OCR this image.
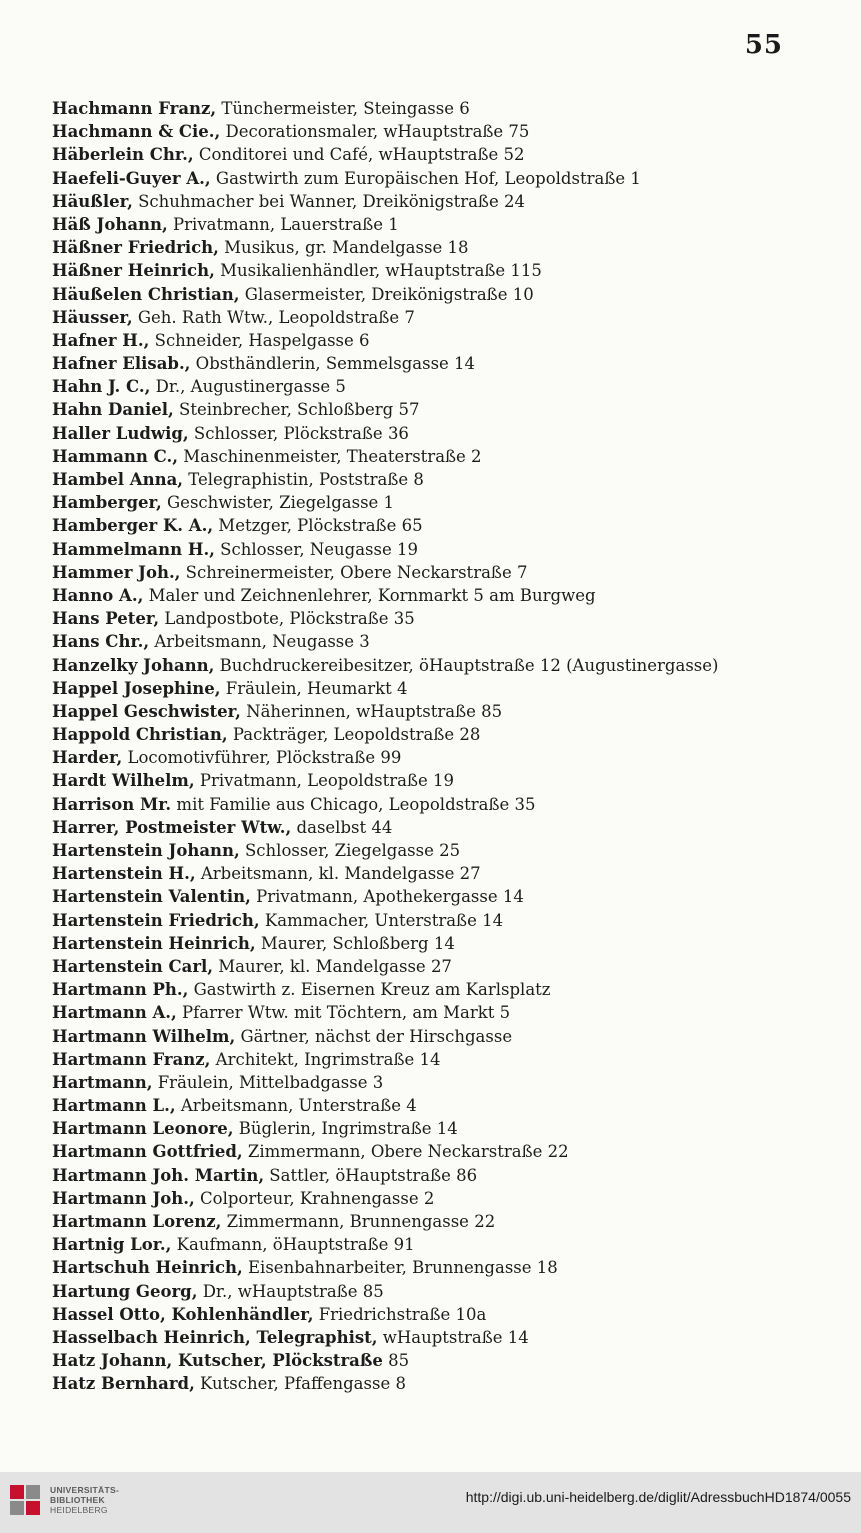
55
Hachmann Franz, Tünchermeister, Steingasse 6
Hachmann & Cie., Decorationsmaler, wHauptstraße 75
Häberlein Chr., Conditorei und Café, wHauptstraße 52
Haefeli-Guyer A., Gastwirth zum Europäischen Hof, Leopoldstraße 1
Häußler, Schuhmacher bei Wanner, Dreikönigstraße 24
Häß Johann, Privatmann, Lauerstraße 1
Häßner Friedrich, Musikus, gr. Mandelgasse 18
Häßner Heinrich, Musikalienhändler, wHauptstraße 115
Häußelen Christian, Glasermeister, Dreikönigstraße 10
Häusser, Geh. Rath Wtw., Leopoldstraße 7
Hafner H., Schneider, Haspelgasse 6
Hafner Elisab., Obsthändlerin, Semmelsgasse 14
Hahn J. C., Dr., Augustinergasse 5
Hahn Daniel, Steinbrecher, Schloßberg 57
Haller Ludwig, Schlosser, Plöckstraße 36
Hammann C., Maschinenmeister, Theaterstraße 2
Hambel Anna, Telegraphistin, Poststraße 8
Hamberger, Geschwister, Ziegelgasse 1
Hamberger K. A., Metzger, Plöckstraße 65
Hammelmann H., Schlosser, Neugasse 19
Hammer Joh., Schreinermeister, Obere Neckarstraße 7
Hanno A., Maler und Zeichnenlehrer, Kornmarkt 5 am Burgweg
Hans Peter, Landpostbote, Plöckstraße 35
Hans Chr., Arbeitsmann, Neugasse 3
Hanzelky Johann, Buchdruckereibesitzer, öHauptstraße 12 (Augustinergasse)
Happel Josephine, Fräulein, Heumarkt 4
Happel Geschwister, Näherinnen, wHauptstraße 85
Happold Christian, Packträger, Leopoldstraße 28
Harder, Locomotivführer, Plöckstraße 99
Hardt Wilhelm, Privatmann, Leopoldstraße 19
Harrison Mr. mit Familie aus Chicago, Leopoldstraße 35
Harrer, Postmeister Wtw., daselbst 44
Hartenstein Johann, Schlosser, Ziegelgasse 25
Hartenstein H., Arbeitsmann, kl. Mandelgasse 27
Hartenstein Valentin, Privatmann, Apothekergasse 14
Hartenstein Friedrich, Kammacher, Unterstraße 14
Hartenstein Heinrich, Maurer, Schloßberg 14
Hartenstein Carl, Maurer, kl. Mandelgasse 27
Hartmann Ph., Gastwirth z. Eisernen Kreuz am Karlsplatz
Hartmann A., Pfarrer Wtw. mit Töchtern, am Markt 5
Hartmann Wilhelm, Gärtner, nächst der Hirschgasse
Hartmann Franz, Architekt, Ingrimstraße 14
Hartmann, Fräulein, Mittelbadgasse 3
Hartmann L., Arbeitsmann, Unterstraße 4
Hartmann Leonore, Büglerin, Ingrimstraße 14
Hartmann Gottfried, Zimmermann, Obere Neckarstraße 22
Hartmann Joh. Martin, Sattler, öHauptstraße 86
Hartmann Joh., Colporteur, Krahnengasse 2
Hartmann Lorenz, Zimmermann, Brunnengasse 22
Hartnig Lor., Kaufmann, öHauptstraße 91
Hartschuh Heinrich, Eisenbahnarbeiter, Brunnengasse 18
Hartung Georg, Dr., wHauptstraße 85
Hassel Otto, Kohlenhändler, Friedrichstraße 10a
Hasselbach Heinrich, Telegraphist, wHauptstraße 14
Hatz Johann, Kutscher, Plöckstraße 85
Hatz Bernhard, Kutscher, Pfaffengasse 8
UNIVERSITÄTS-
BIBLIOTHEK
HEIDELBERG
http://digi.ub.uni-heidelberg.de/diglit/AdressbuchHD1874/0055
